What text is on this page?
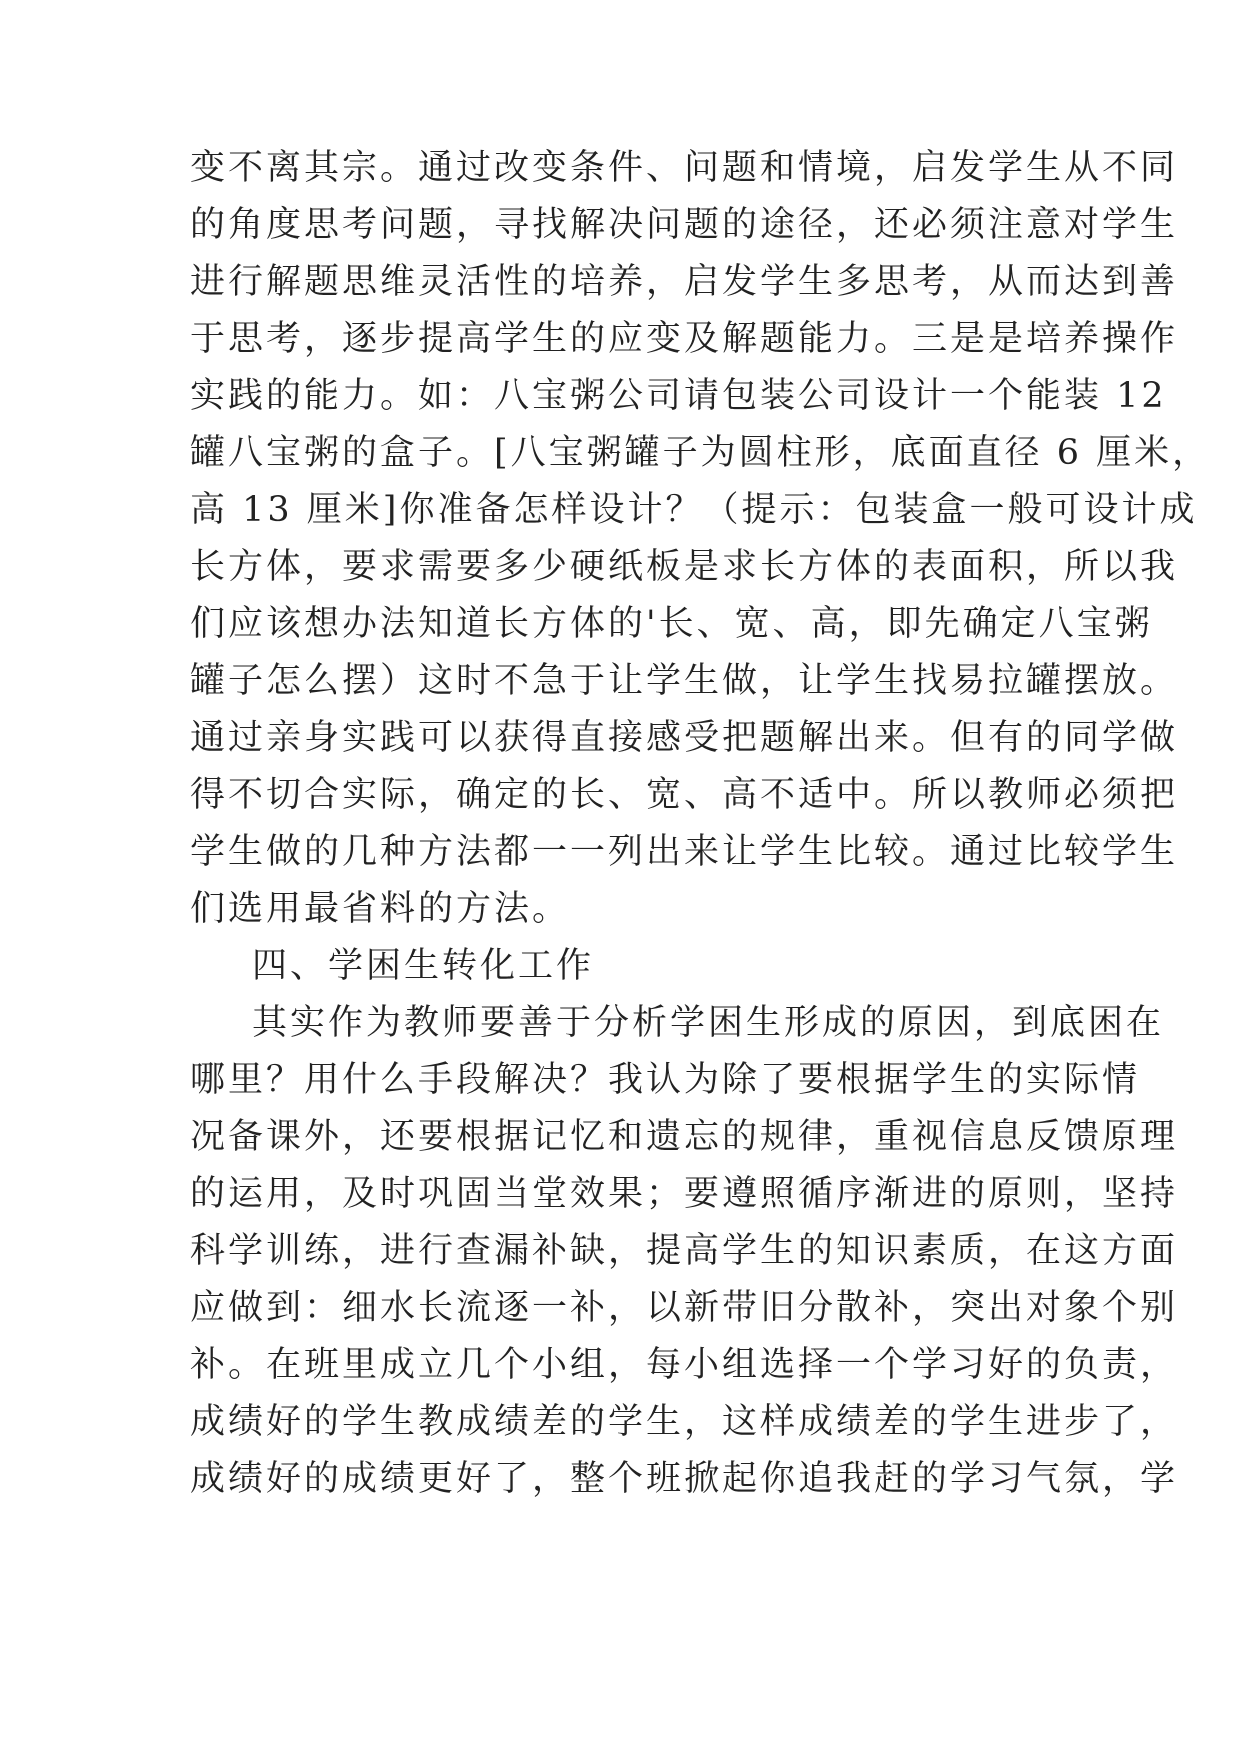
变不离其宗。通过改变条件、问题和情境，启发学生从不同
的角度思考问题，寻找解决问题的途径，还必须注意对学生
进行解题思维灵活性的培养，启发学生多思考，从而达到善
于思考，逐步提高学生的应变及解题能力。三是是培养操作
实践的能力。如：八宝粥公司请包装公司设计一个能装 12
罐八宝粥的盒子。[八宝粥罐子为圆柱形，底面直径 6 厘米，
高 13 厘米]你准备怎样设计？（提示：包装盒一般可设计成
长方体，要求需要多少硬纸板是求长方体的表面积，所以我
们应该想办法知道长方体的'长、宽、高，即先确定八宝粥
罐子怎么摆）这时不急于让学生做，让学生找易拉罐摆放。
通过亲身实践可以获得直接感受把题解出来。但有的同学做
得不切合实际，确定的长、宽、高不适中。所以教师必须把
学生做的几种方法都一一列出来让学生比较。通过比较学生
们选用最省料的方法。
四、学困生转化工作
其实作为教师要善于分析学困生形成的原因，到底困在
哪里？用什么手段解决？我认为除了要根据学生的实际情
况备课外，还要根据记忆和遗忘的规律，重视信息反馈原理
的运用，及时巩固当堂效果；要遵照循序渐进的原则，坚持
科学训练，进行查漏补缺，提高学生的知识素质，在这方面
应做到：细水长流逐一补，以新带旧分散补，突出对象个别
补。在班里成立几个小组，每小组选择一个学习好的负责，
成绩好的学生教成绩差的学生，这样成绩差的学生进步了，
成绩好的成绩更好了，整个班掀起你追我赶的学习气氛，学
